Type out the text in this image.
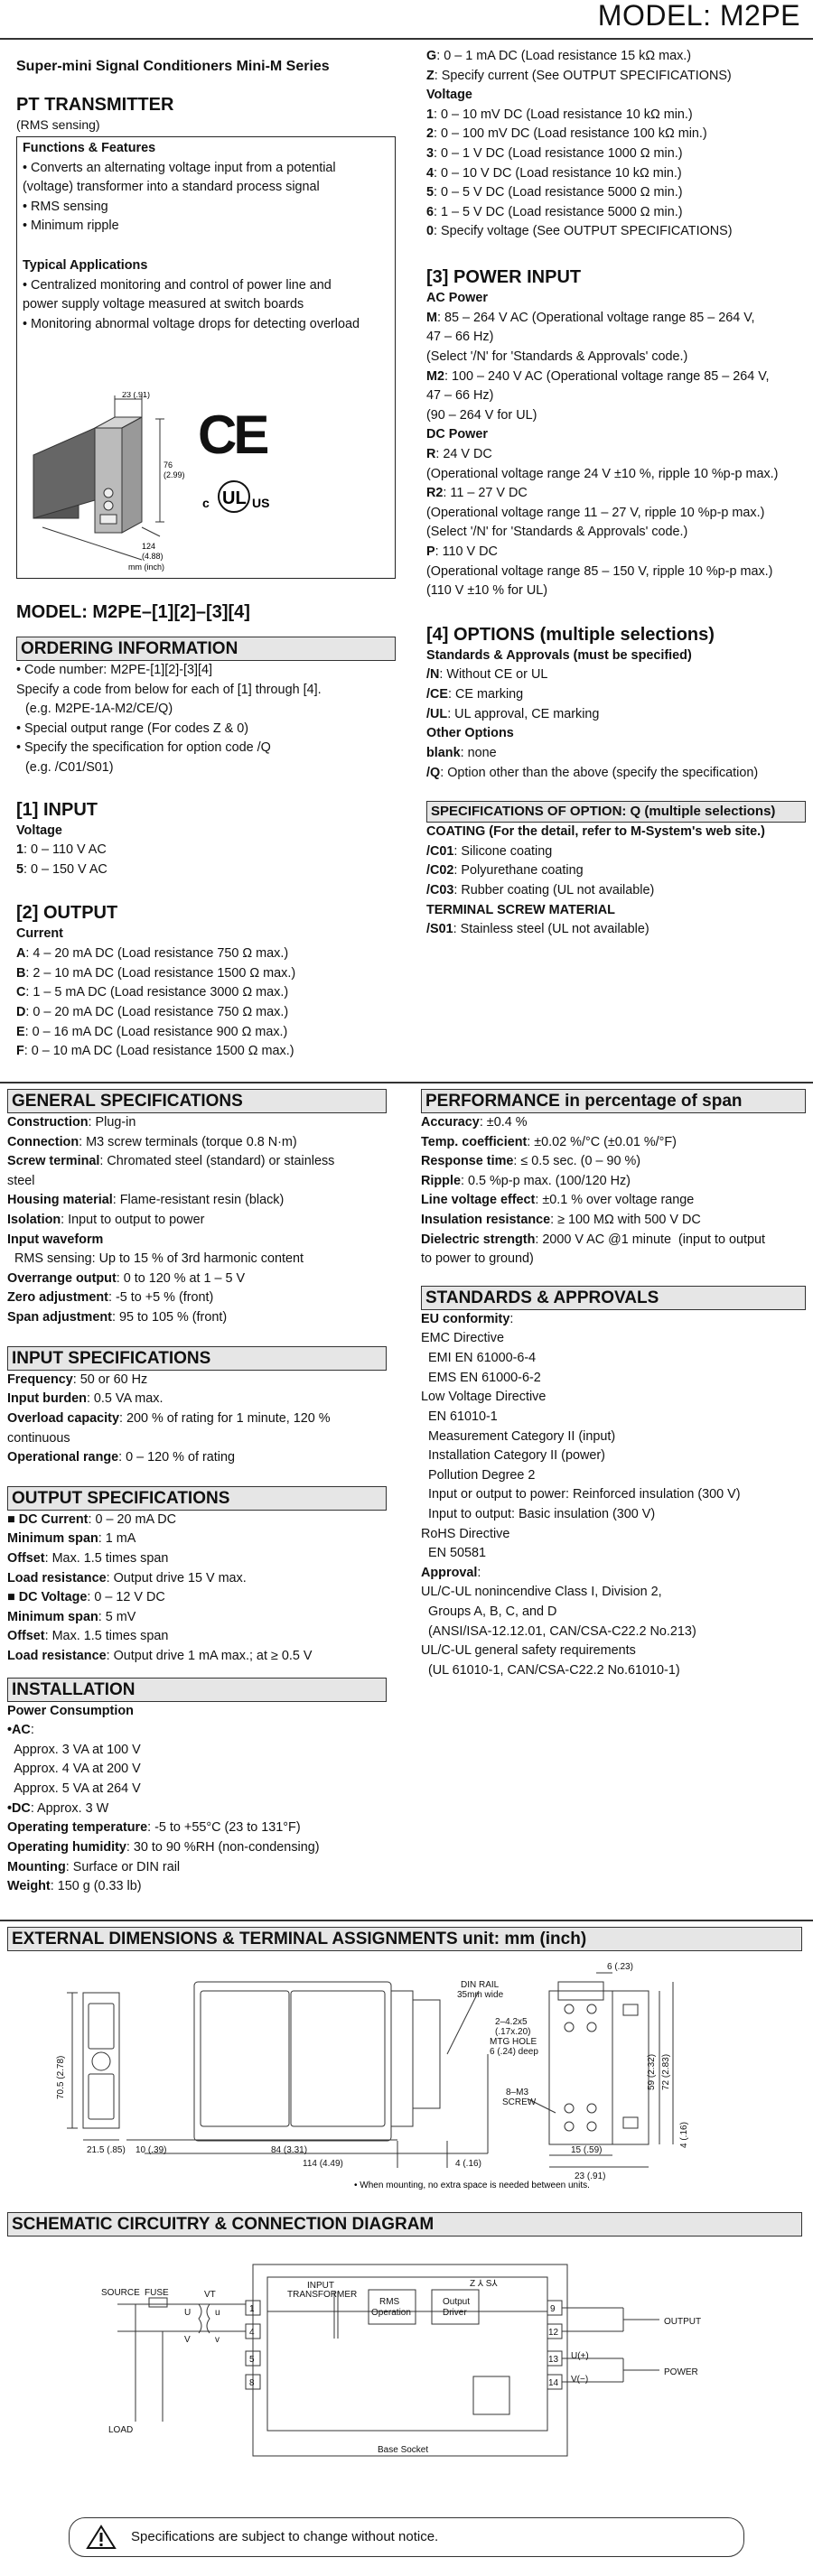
MODEL: M2PE
Super-mini Signal Conditioners Mini-M Series
PT TRANSMITTER
(RMS sensing)
Functions & Features
• Converts an alternating voltage input from a potential
(voltage) transformer into a standard process signal
• RMS sensing
• Minimum ripple
Typical Applications
• Centralized monitoring and control of power line and
power supply voltage measured at switch boards
• Monitoring abnormal voltage drops for detecting overload
23 (.91)
76
(2.99)
124
(4.88)
mm (inch)
CE
UL
c	US
MODEL: M2PE–[1][2]–[3][4]
ORDERING INFORMATION
• Code number: M2PE-[1][2]-[3][4]
Specify a code from below for each of [1] through [4].
(e.g. M2PE-1A-M2/CE/Q)
• Special output range (For codes Z & 0)
• Specify the specification for option code /Q
(e.g. /C01/S01)
[1] INPUT
Voltage
1: 0 – 110 V AC
5: 0 – 150 V AC
[2] OUTPUT
Current
A: 4 – 20 mA DC (Load resistance 750 Ω max.)
B: 2 – 10 mA DC (Load resistance 1500 Ω max.)
C: 1 – 5 mA DC (Load resistance 3000 Ω max.)
D: 0 – 20 mA DC (Load resistance 750 Ω max.)
E: 0 – 16 mA DC (Load resistance 900 Ω max.)
F: 0 – 10 mA DC (Load resistance 1500 Ω max.)
G: 0 – 1 mA DC (Load resistance 15 kΩ max.)
Z: Specify current (See OUTPUT SPECIFICATIONS)
Voltage
1: 0 – 10 mV DC (Load resistance 10 kΩ min.)
2: 0 – 100 mV DC (Load resistance 100 kΩ min.)
3: 0 – 1 V DC (Load resistance 1000 Ω min.)
4: 0 – 10 V DC (Load resistance 10 kΩ min.)
5: 0 – 5 V DC (Load resistance 5000 Ω min.)
6: 1 – 5 V DC (Load resistance 5000 Ω min.)
0: Specify voltage (See OUTPUT SPECIFICATIONS)
[3] POWER INPUT
AC Power
M: 85 – 264 V AC (Operational voltage range 85 – 264 V,
47 – 66 Hz)
(Select '/N' for 'Standards & Approvals' code.)
M2: 100 – 240 V AC (Operational voltage range 85 – 264 V,
47 – 66 Hz)
(90 – 264 V for UL)
DC Power
R: 24 V DC
(Operational voltage range 24 V ±10 %, ripple 10 %p-p max.)
R2: 11 – 27 V DC
(Operational voltage range 11 – 27 V, ripple 10 %p-p max.)
(Select '/N' for 'Standards & Approvals' code.)
P: 110 V DC
(Operational voltage range 85 – 150 V, ripple 10 %p-p max.)
(110 V ±10 % for UL)
[4] OPTIONS (multiple selections)
Standards & Approvals (must be specified)
/N: Without CE or UL
/CE: CE marking
/UL: UL approval, CE marking
Other Options
blank: none
/Q: Option other than the above (specify the specification)
SPECIFICATIONS OF OPTION: Q (multiple selections)
COATING (For the detail, refer to M-System's web site.)
/C01: Silicone coating
/C02: Polyurethane coating
/C03: Rubber coating (UL not available)
TERMINAL SCREW MATERIAL
/S01: Stainless steel (UL not available)
GENERAL SPECIFICATIONS
Construction: Plug-in
Connection: M3 screw terminals (torque 0.8 N·m)
Screw terminal: Chromated steel (standard) or stainless
steel
Housing material: Flame-resistant resin (black)
Isolation: Input to output to power
Input waveform
RMS sensing: Up to 15 % of 3rd harmonic content
Overrange output: 0 to 120 % at 1 – 5 V
Zero adjustment: -5 to +5 % (front)
Span adjustment: 95 to 105 % (front)
INPUT SPECIFICATIONS
Frequency: 50 or 60 Hz
Input burden: 0.5 VA max.
Overload capacity: 200 % of rating for 1 minute, 120 %
continuous
Operational range: 0 – 120 % of rating
OUTPUT SPECIFICATIONS
■ DC Current: 0 – 20 mA DC
Minimum span: 1 mA
Offset: Max. 1.5 times span
Load resistance: Output drive 15 V max.
■ DC Voltage: 0 – 12 V DC
Minimum span: 5 mV
Offset: Max. 1.5 times span
Load resistance: Output drive 1 mA max.; at ≥ 0.5 V
INSTALLATION
Power Consumption
•AC:
Approx. 3 VA at 100 V
Approx. 4 VA at 200 V
Approx. 5 VA at 264 V
•DC: Approx. 3 W
Operating temperature: -5 to +55°C (23 to 131°F)
Operating humidity: 30 to 90 %RH (non-condensing)
Mounting: Surface or DIN rail
Weight: 150 g (0.33 lb)
PERFORMANCE in percentage of span
Accuracy: ±0.4 %
Temp. coefficient: ±0.02 %/°C (±0.01 %/°F)
Response time: ≤ 0.5 sec. (0 – 90 %)
Ripple: 0.5 %p-p max. (100/120 Hz)
Line voltage effect: ±0.1 % over voltage range
Insulation resistance: ≥ 100 MΩ with 500 V DC
Dielectric strength: 2000 V AC @1 minute  (input to output
to power to ground)
STANDARDS & APPROVALS
EU conformity:
EMC Directive
EMI EN 61000-6-4
EMS EN 61000-6-2
Low Voltage Directive
EN 61010-1
Measurement Category II (input)
Installation Category II (power)
Pollution Degree 2
Input or output to power: Reinforced insulation (300 V)
Input to output: Basic insulation (300 V)
RoHS Directive
EN 50581
Approval:
UL/C-UL nonincendive Class I, Division 2,
Groups A, B, C, and D
(ANSI/ISA-12.12.01, CAN/CSA-C22.2 No.213)
UL/C-UL general safety requirements
(UL 61010-1, CAN/CSA-C22.2 No.61010-1)
EXTERNAL DIMENSIONS & TERMINAL ASSIGNMENTS unit: mm (inch)
6 (.23)
DIN RAIL
35mm wide
2–4.2x5
(.17x.20)
MTG HOLE
6 (.24) deep
70.5 (2.78)	59 (2.32) 72 (2.83)
8–M3
SCREW
21.5 (.85) 10 (.39)	84 (3.31)
114 (4.49)	4 (.16)
15 (.59)
23 (.91)
4 (.16)
• When mounting, no extra space is needed between units.
SCHEMATIC CIRCUITRY & CONNECTION DIAGRAM
SOURCE FUSE
LOAD
VT
U	u
V	v
1
4
5
8
INPUT
TRANSFORMER
RMS
Operation
Output
Driver
Z ⅄ S⅄
9
12
13
14
OUTPUT
U(+)
V(−)
POWER
Base Socket
Specifications are subject to change without notice.
